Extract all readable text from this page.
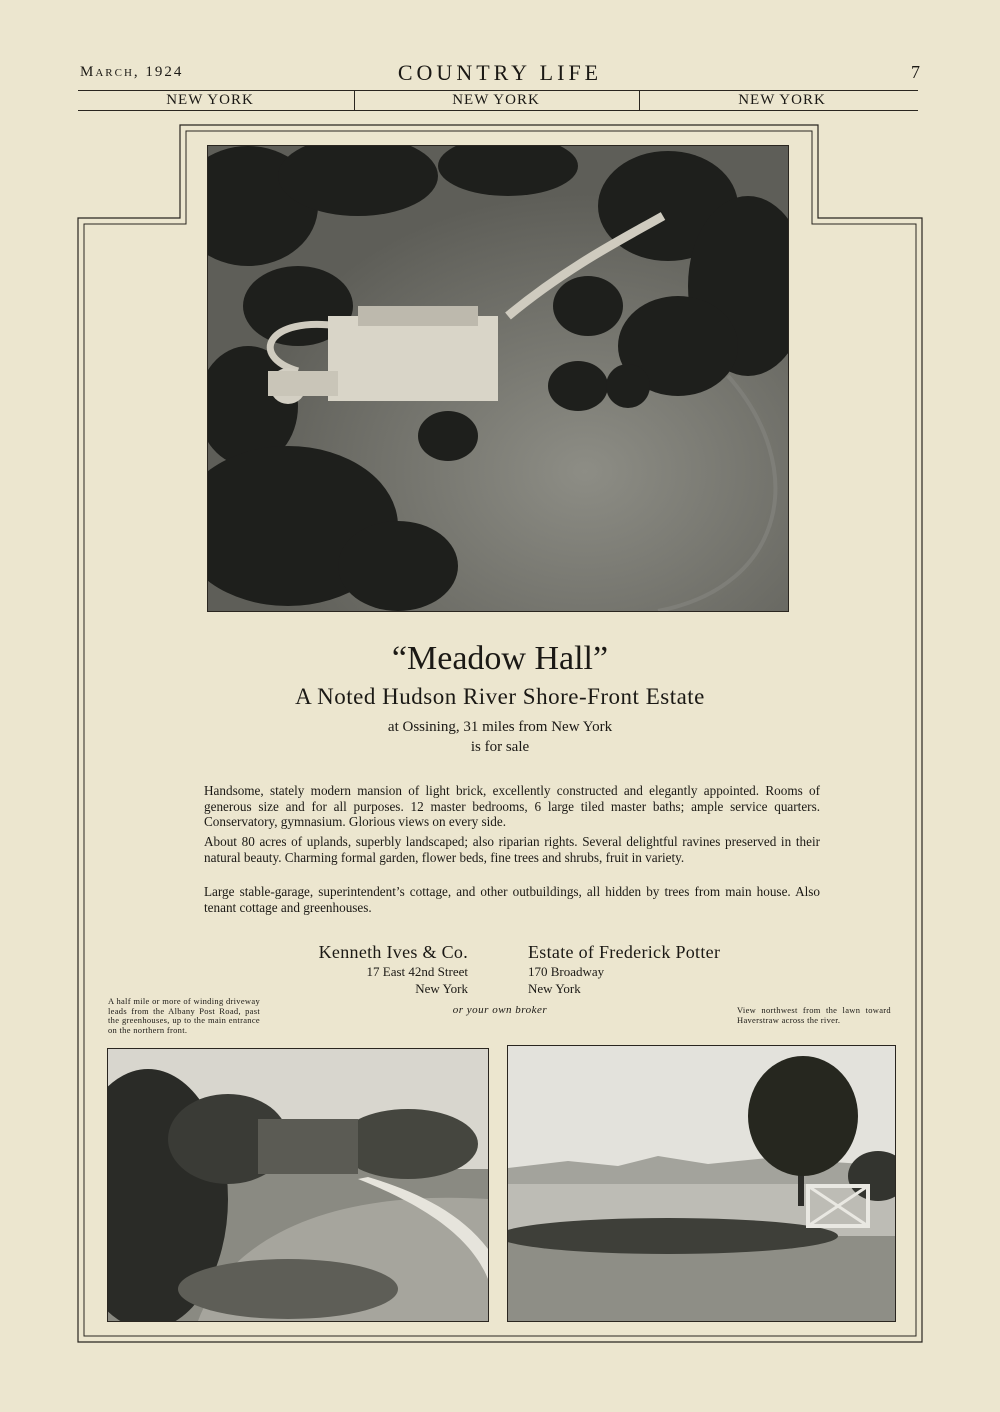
March, 1924	COUNTRY LIFE	7
NEW YORK	NEW YORK	NEW YORK
“Meadow Hall”
A Noted Hudson River Shore-Front Estate
at Ossining, 31 miles from New York
is for sale
Handsome, stately modern mansion of light brick, excellently constructed and elegantly appointed. Rooms of generous size and for all purposes. 12 master bedrooms, 6 large tiled master baths; ample service quarters. Conservatory, gymnasium. Glorious views on every side.
About 80 acres of uplands, superbly landscaped; also riparian rights. Several delightful ravines preserved in their natural beauty. Charming formal garden, flower beds, fine trees and shrubs, fruit in variety.
Large stable-garage, superintendent’s cottage, and other outbuildings, all hidden by trees from main house. Also tenant cottage and greenhouses.
Kenneth Ives & Co.
17 East 42nd Street
New York
Estate of Frederick Potter
170 Broadway
New York
or your own broker
A half mile or more of winding driveway leads from the Albany Post Road, past the greenhouses, up to the main entrance on the northern front.
View northwest from the lawn toward Haverstraw across the river.
